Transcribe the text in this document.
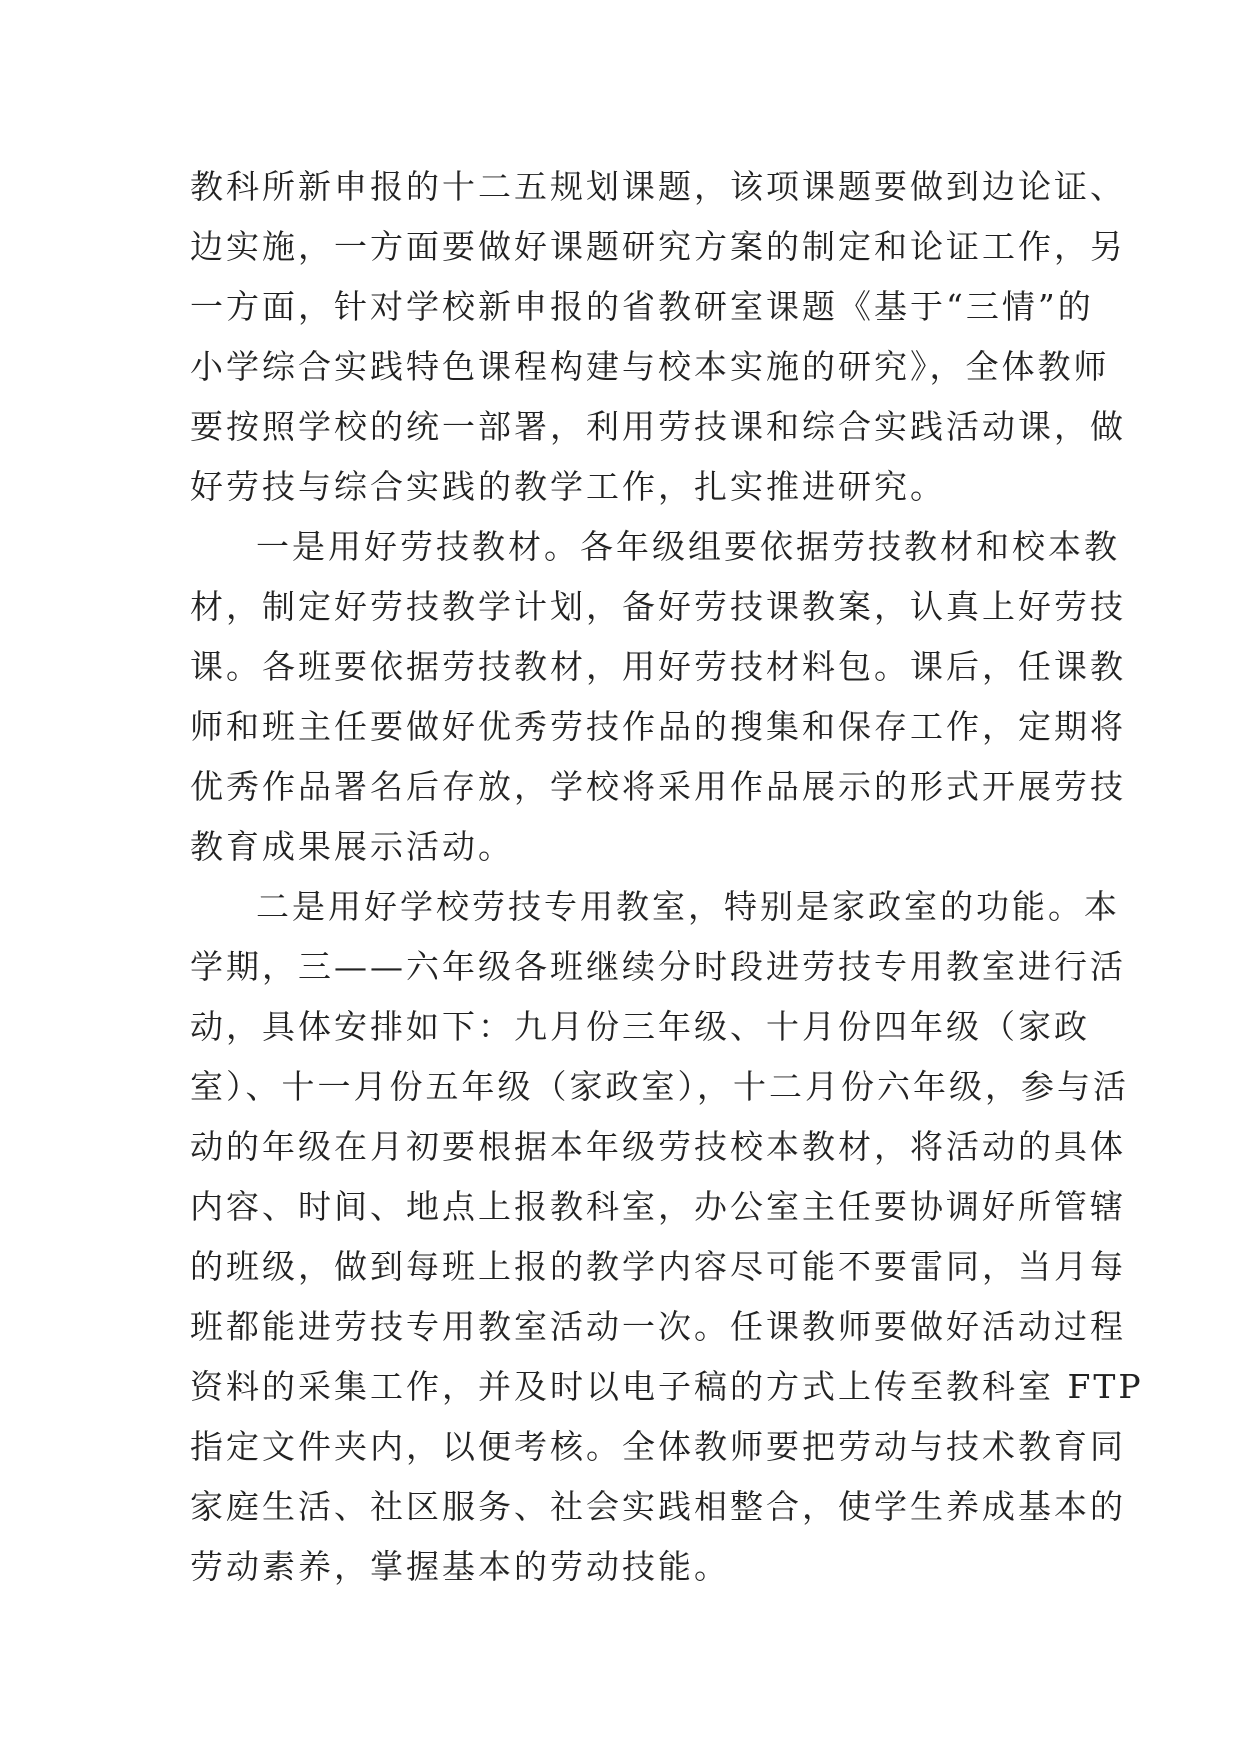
教科所新申报的十二五规划课题，该项课题要做到边论证、
边实施，一方面要做好课题研究方案的制定和论证工作，另
一方面，针对学校新申报的省教研室课题《基于“三情”的
小学综合实践特色课程构建与校本实施的研究》，全体教师
要按照学校的统一部署，利用劳技课和综合实践活动课，做
好劳技与综合实践的教学工作，扎实推进研究。
一是用好劳技教材。各年级组要依据劳技教材和校本教
材，制定好劳技教学计划，备好劳技课教案，认真上好劳技
课。各班要依据劳技教材，用好劳技材料包。课后，任课教
师和班主任要做好优秀劳技作品的搜集和保存工作，定期将
优秀作品署名后存放，学校将采用作品展示的形式开展劳技
教育成果展示活动。
二是用好学校劳技专用教室，特别是家政室的功能。本
学期，三——六年级各班继续分时段进劳技专用教室进行活
动，具体安排如下：九月份三年级、十月份四年级（家政
室）、十一月份五年级（家政室），十二月份六年级，参与活
动的年级在月初要根据本年级劳技校本教材，将活动的具体
内容、时间、地点上报教科室，办公室主任要协调好所管辖
的班级，做到每班上报的教学内容尽可能不要雷同，当月每
班都能进劳技专用教室活动一次。任课教师要做好活动过程
资料的采集工作，并及时以电子稿的方式上传至教科室 FTP
指定文件夹内，以便考核。全体教师要把劳动与技术教育同
家庭生活、社区服务、社会实践相整合，使学生养成基本的
劳动素养，掌握基本的劳动技能。
